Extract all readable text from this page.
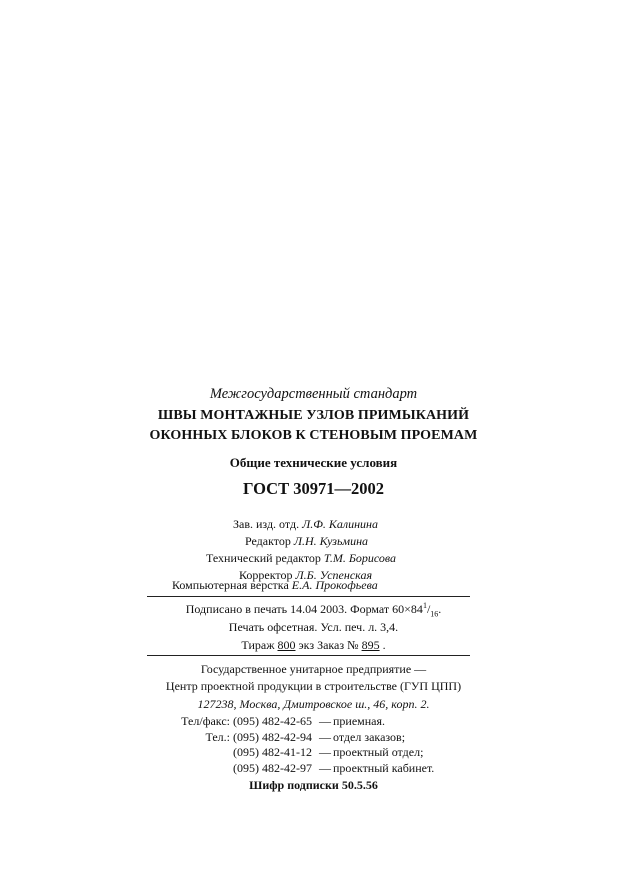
Межгосударственный стандарт
ШВЫ МОНТАЖНЫЕ УЗЛОВ ПРИМЫКАНИЙ
ОКОННЫХ БЛОКОВ К СТЕНОВЫМ ПРОЕМАМ
Общие технические условия
ГОСТ 30971—2002
Зав. изд. отд. Л.Ф. Калинина
Редактор Л.Н. Кузьмина
Технический редактор Т.М. Борисова
Корректор Л.Б. Успенская
Компьютерная верстка Е.А. Прокофьева
Подписано в печать 14.04 2003. Формат $60\times 84^1/_{16}$.
Печать офсетная. Усл. печ. л. 3,4.
Тираж 800 экз Заказ № 895 .
Государственное унитарное предприятие —
Центр проектной продукции в строительстве (ГУП ЦПП)
127238, Москва, Дмитровское ш., 46, корп. 2.
Тел/факс: (095) 482-42-65 — приемная.
Тел.: (095) 482-42-94 — отдел заказов;
(095) 482-41-12 — проектный отдел;
(095) 482-42-97 — проектный кабинет.
Шифр подписки 50.5.56
